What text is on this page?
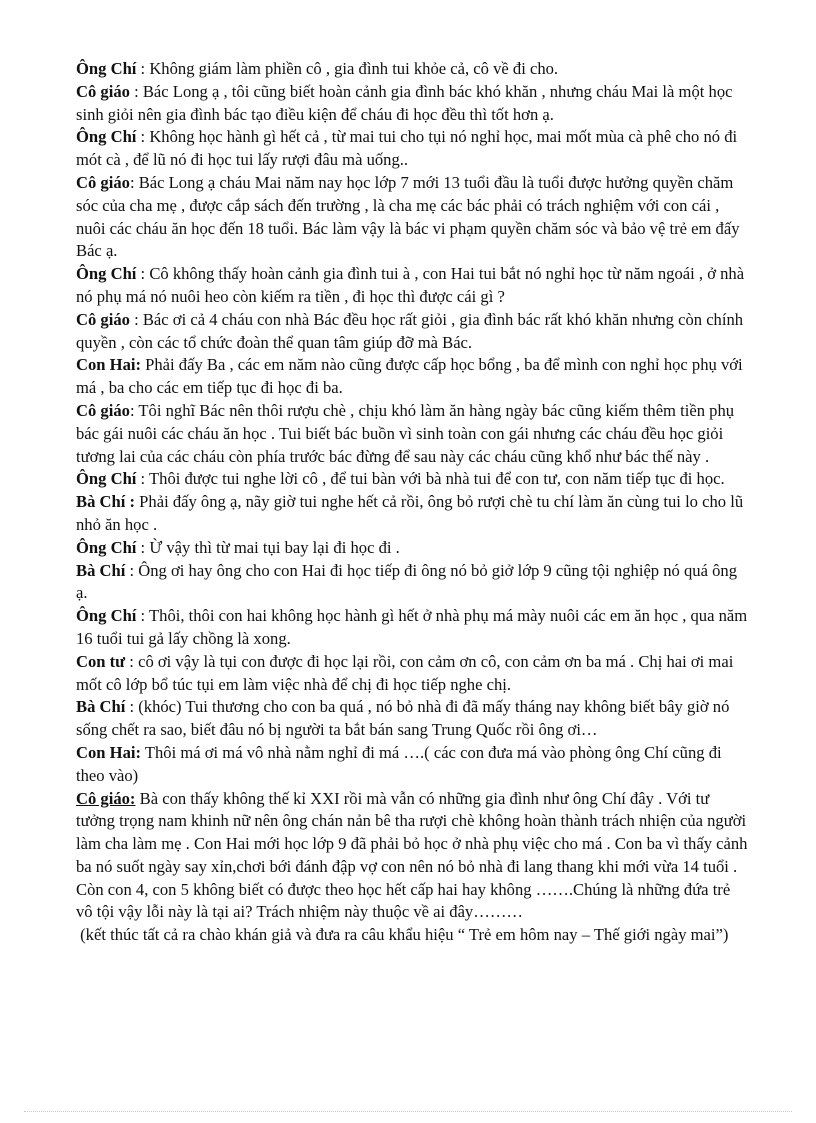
Ông Chí : Không giám làm phiền cô , gia đình tui khỏe cả, cô về đi cho.

Cô giáo : Bác Long ạ , tôi cũng biết hoàn cảnh gia đình bác khó khăn , nhưng cháu Mai là một học sinh giỏi nên gia đình bác tạo điều kiện để cháu đi học đều thì tốt hơn ạ.

Ông Chí : Không học hành gì hết cả , từ mai tui cho tụi nó nghỉ học, mai mốt mùa cà phê cho nó đi mót cà , để lũ nó đi học tui lấy rượi đâu mà uống..

Cô giáo: Bác Long ạ cháu Mai năm nay học lớp 7 mới 13 tuổi đầu là tuổi được hưởng quyền chăm sóc của cha mẹ , được cắp sách đến trường , là cha mẹ các bác phải có trách nghiệm với con cái , nuôi các cháu ăn học đến 18 tuổi. Bác làm vậy là bác vi phạm quyền chăm sóc và bảo vệ trẻ em đấy Bác ạ.

Ông Chí : Cô không thấy hoàn cảnh gia đình tui à , con Hai tui bắt nó nghỉ học từ năm ngoái , ở nhà nó phụ má nó nuôi heo còn kiếm ra tiền , đi học thì được cái gì ?

Cô giáo : Bác ơi cả 4 cháu con nhà Bác đều học rất giỏi , gia đình bác rất khó khăn nhưng còn chính quyền , còn các tổ chức đoàn thể quan tâm giúp đỡ mà Bác.

Con Hai: Phải đấy Ba , các em năm nào cũng được cấp học bổng , ba để mình con nghỉ học phụ với má , ba cho các em tiếp tục đi học đi ba.

Cô giáo: Tôi nghĩ Bác nên thôi rượu chè , chịu khó làm ăn hàng ngày bác cũng kiếm thêm tiền phụ bác gái nuôi các cháu ăn học . Tui biết bác buồn vì sinh toàn con gái nhưng các cháu đều học giỏi tương lai của các cháu còn phía trước bác đừng để sau này các cháu cũng khổ như bác thế này .

Ông Chí : Thôi được tui nghe lời cô , để tui bàn với bà nhà tui để con tư, con năm tiếp tục đi học.

Bà Chí : Phải đấy ông ạ, nãy giờ tui nghe hết cả rồi, ông bỏ rượi chè tu chí làm ăn cùng tui lo cho lũ nhỏ ăn học .

Ông Chí : Ừ vậy thì từ mai tụi bay lại đi học đi .

Bà Chí : Ông ơi hay ông cho con Hai đi học tiếp đi ông nó bỏ giở lớp 9 cũng tội nghiệp nó quá ông ạ.

Ông Chí : Thôi, thôi con hai không học hành gì hết ở nhà phụ má mày nuôi các em ăn học , qua năm 16 tuổi tui gả lấy chồng là xong.

Con tư : cô ơi vậy là tụi con được đi học lại rồi, con cảm ơn cô, con cảm ơn ba má . Chị hai ơi mai mốt cô lớp bổ túc tụi em làm việc nhà để chị đi học tiếp nghe chị.

Bà Chí : (khóc) Tui thương cho con ba quá , nó bỏ nhà đi đã mấy tháng nay không biết bây giờ nó sống chết ra sao, biết đâu nó bị người ta bắt bán sang Trung Quốc rồi ông ơi…

Con Hai: Thôi má ơi má vô nhà nằm nghỉ đi má ….( các con đưa má vào phòng ông Chí cũng đi theo vào)

Cô giáo: Bà con thấy không thế kỉ XXI rồi mà vẫn có những gia đình như ông Chí đây . Với tư tưởng trọng nam khinh nữ nên ông chán nản bê tha rượi chè không hoàn thành trách nhiện của người làm cha làm mẹ . Con Hai mới học lớp 9 đã phải bỏ học ở nhà phụ việc cho má . Con ba vì thấy cảnh ba nó suốt ngày say xỉn,chơi bới đánh đập vợ con nên nó bỏ nhà đi lang thang khi mới vừa 14 tuổi . Còn con 4, con 5 không biết có được theo học hết cấp hai hay không …….Chúng là những đứa trẻ vô tội vậy lỗi này là tại ai? Trách nhiệm này thuộc về ai đây………

(kết thúc tất cả ra chào khán giả và đưa ra câu khẩu hiệu “ Trẻ em hôm nay – Thế giới ngày mai”)
